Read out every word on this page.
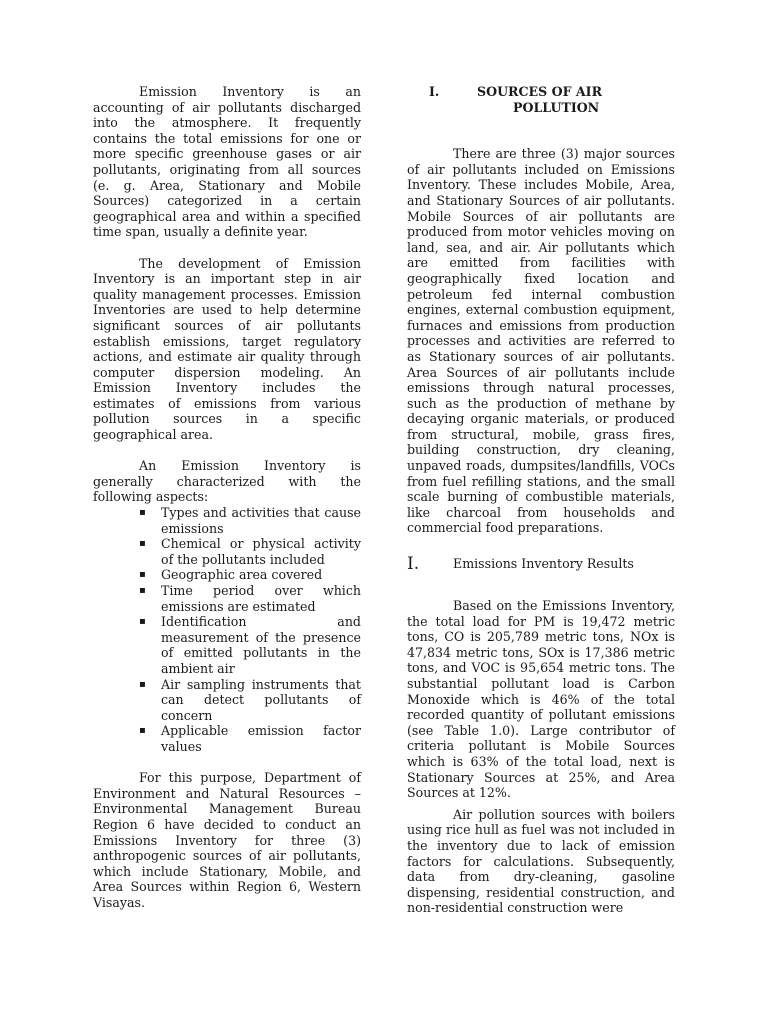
Emission Inventory is an accounting of air pollutants discharged into the atmosphere. It frequently contains the total emissions for one or more specific greenhouse gases or air pollutants, originating from all sources (e. g. Area, Stationary and Mobile Sources) categorized in a certain geographical area and within a specified time span, usually a definite year.

The development of Emission Inventory is an important step in air quality management processes. Emission Inventories are used to help determine significant sources of air pollutants establish emissions, target regulatory actions, and estimate air quality through computer dispersion modeling. An Emission Inventory includes the estimates of emissions from various pollution sources in a specific geographical area.

An Emission Inventory is generally characterized with the following aspects:

▪ Types and activities that cause emissions
▪ Chemical or physical activity of the pollutants included
▪ Geographic area covered
▪ Time period over which emissions are estimated
▪ Identification and measurement of the presence of emitted pollutants in the ambient air
▪ Air sampling instruments that can detect pollutants of concern
▪ Applicable emission factor values

For this purpose, Department of Environment and Natural Resources – Environmental Management Bureau Region 6 have decided to conduct an Emissions Inventory for three (3) anthropogenic sources of air pollutants, which include Stationary, Mobile, and Area Sources within Region 6, Western Visayas.

I.	SOURCES OF AIR
POLLUTION

There are three (3) major sources of air pollutants included on Emissions Inventory. These includes Mobile, Area, and Stationary Sources of air pollutants. Mobile Sources of air pollutants are produced from motor vehicles moving on land, sea, and air. Air pollutants which are emitted from facilities with geographically fixed location and petroleum fed internal combustion engines, external combustion equipment, furnaces and emissions from production processes and activities are referred to as Stationary sources of air pollutants. Area Sources of air pollutants include emissions through natural processes, such as the production of methane by decaying organic materials, or produced from structural, mobile, grass fires, building construction, dry cleaning, unpaved roads, dumpsites/landfills, VOCs from fuel refilling stations, and the small scale burning of combustible materials, like charcoal from households and commercial food preparations.

I.	Emissions Inventory Results

Based on the Emissions Inventory, the total load for PM is 19,472 metric tons, CO is 205,789 metric tons, NOx is 47,834 metric tons, SOx is 17,386 metric tons, and VOC is 95,654 metric tons. The substantial pollutant load is Carbon Monoxide which is 46% of the total recorded quantity of pollutant emissions (see Table 1.0). Large contributor of criteria pollutant is Mobile Sources which is 63% of the total load, next is Stationary Sources at 25%, and Area Sources at 12%.

Air pollution sources with boilers using rice hull as fuel was not included in the inventory due to lack of emission factors for calculations. Subsequently, data from dry-cleaning, gasoline dispensing, residential construction, and non-residential construction were
